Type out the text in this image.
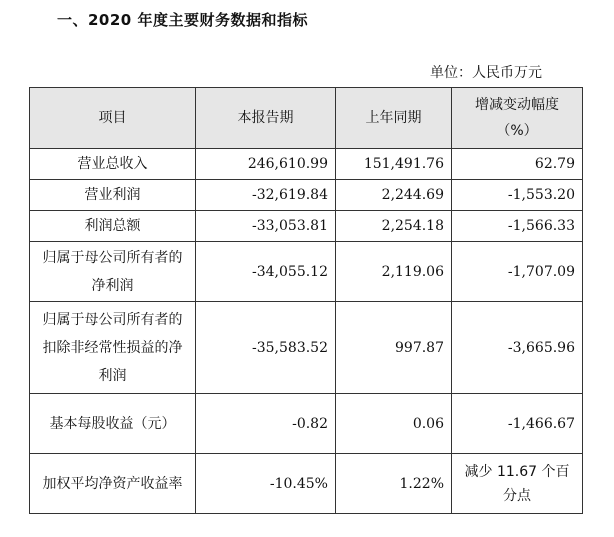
一、2020 年度主要财务数据和指标
单位：人民币万元
项目	本报告期	上年同期	增减变动幅度（%）
营业总收入	246,610.99	151,491.76	62.79
营业利润	-32,619.84	2,244.69	-1,553.20
利润总额	-33,053.81	2,254.18	-1,566.33
归属于母公司所有者的净利润	-34,055.12	2,119.06	-1,707.09
归属于母公司所有者的扣除非经常性损益的净利润	-35,583.52	997.87	-3,665.96
基本每股收益（元）	-0.82	0.06	-1,466.67
加权平均净资产收益率	-10.45%	1.22%	减少 11.67 个百分点
